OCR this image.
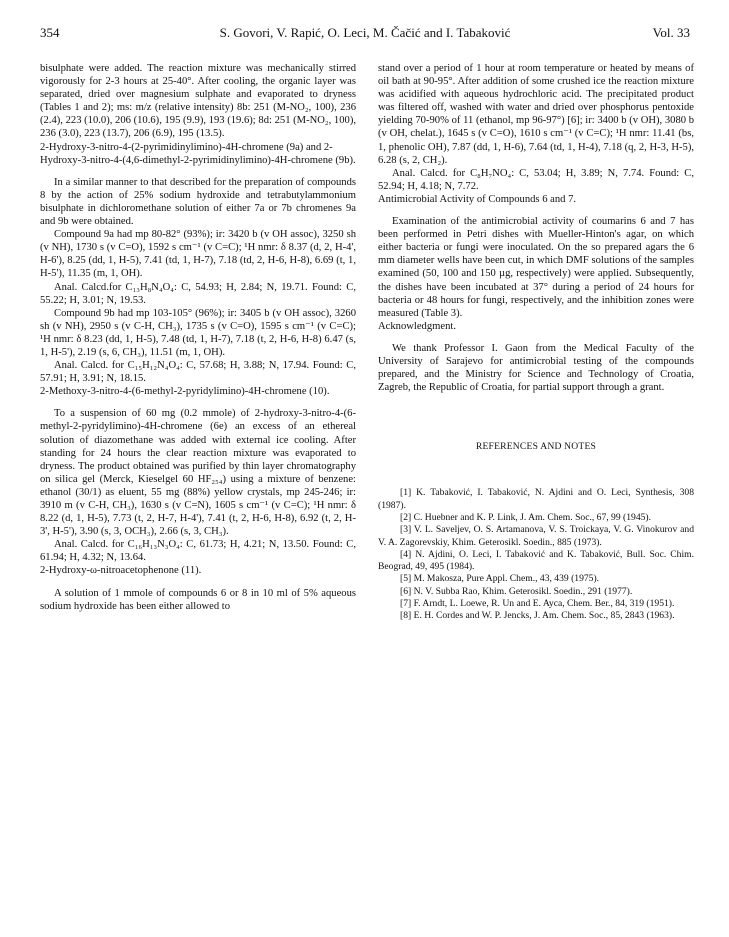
354	S. Govori, V. Rapić, O. Leci, M. Čačić and I. Tabaković	Vol. 33

bisulphate were added. The reaction mixture was mechanically stirred vigorously for 2-3 hours at 25-40°. After cooling, the organic layer was separated, dried over magnesium sulphate and evaporated to dryness (Tables 1 and 2); ms: m/z (relative intensity) 8b: 251 (M-NO₂, 100), 236 (2.4), 223 (10.0), 206 (10.6), 195 (9.9), 193 (19.6); 8d: 251 (M-NO₂, 100), 236 (3.0), 223 (13.7), 206 (6.9), 195 (13.5).

2-Hydroxy-3-nitro-4-(2-pyrimidinylimino)-4H-chromene (9a) and 2-Hydroxy-3-nitro-4-(4,6-dimethyl-2-pyrimidinylimino)-4H-chromene (9b).

In a similar manner to that described for the preparation of compounds 8 by the action of 25% sodium hydroxide and tetrabutylammonium bisulphate in dichloromethane solution of either 7a or 7b chromenes 9a and 9b were obtained.

Compound 9a had mp 80-82° (93%); ir: 3420 b (v OH assoc), 3250 sh (v NH), 1730 s (v C=O), 1592 s cm⁻¹ (v C=C); ¹H nmr: δ 8.37 (d, 2, H-4', H-6'), 8.25 (dd, 1, H-5), 7.41 (td, 1, H-7), 7.18 (td, 2, H-6, H-8), 6.69 (t, 1, H-5'), 11.35 (m, 1, OH).

Anal. Calcd.for C₁₃H₈N₄O₄: C, 54.93; H, 2.84; N, 19.71. Found: C, 55.22; H, 3.01; N, 19.53.

Compound 9b had mp 103-105° (96%); ir: 3405 b (v OH assoc), 3260 sh (v NH), 2950 s (v C-H, CH₃), 1735 s (v C=O), 1595 s cm⁻¹ (v C=C); ¹H nmr: δ 8.23 (dd, 1, H-5), 7.48 (td, 1, H-7), 7.18 (t, 2, H-6, H-8) 6.47 (s, 1, H-5'), 2.19 (s, 6, CH₃), 11.51 (m, 1, OH).

Anal. Calcd. for C₁₅H₁₂N₄O₄: C, 57.68; H, 3.88; N, 17.94. Found: C, 57.91; H, 3.91; N, 18.15.

2-Methoxy-3-nitro-4-(6-methyl-2-pyridylimino)-4H-chromene (10).

To a suspension of 60 mg (0.2 mmole) of 2-hydroxy-3-nitro-4-(6-methyl-2-pyridylimino)-4H-chromene (6e) an excess of an ethereal solution of diazomethane was added with external ice cooling. After standing for 24 hours the clear reaction mixture was evaporated to dryness. The product obtained was purified by thin layer chromatography on silica gel (Merck, Kieselgel 60 HF₂₅₄) using a mixture of benzene: ethanol (30/1) as eluent, 55 mg (88%) yellow crystals, mp 245-246; ir: 3910 m (v C-H, CH₃), 1630 s (v C=N), 1605 s cm⁻¹ (v C=C); ¹H nmr: δ 8.22 (d, 1, H-5), 7.73 (t, 2, H-7, H-4'), 7.41 (t, 2, H-6, H-8), 6.92 (t, 2, H-3', H-5'), 3.90 (s, 3, OCH₃), 2.66 (s, 3, CH₃).

Anal. Calcd. for C₁₆H₁₃N₃O₄: C, 61.73; H, 4.21; N, 13.50. Found: C, 61.94; H, 4.32; N, 13.64.

2-Hydroxy-ω-nitroacetophenone (11).

A solution of 1 mmole of compounds 6 or 8 in 10 ml of 5% aqueous sodium hydroxide has been either allowed to

stand over a period of 1 hour at room temperature or heated by means of oil bath at 90-95°. After addition of some crushed ice the reaction mixture was acidified with aqueous hydrochloric acid. The precipitated product was filtered off, washed with water and dried over phosphorus pentoxide yielding 70-90% of 11 (ethanol, mp 96-97°) [6]; ir: 3400 b (v OH), 3080 b (v OH, chelat.), 1645 s (v C=O), 1610 s cm⁻¹ (v C=C); ¹H nmr: 11.41 (bs, 1, phenolic OH), 7.87 (dd, 1, H-6), 7.64 (td, 1, H-4), 7.18 (q, 2, H-3, H-5), 6.28 (s, 2, CH₂).

Anal. Calcd. for C₈H₇NO₄: C, 53.04; H, 3.89; N, 7.74. Found: C, 52.94; H, 4.18; N, 7.72.

Antimicrobial Activity of Compounds 6 and 7.

Examination of the antimicrobial activity of coumarins 6 and 7 has been performed in Petri dishes with Mueller-Hinton's agar, on which either bacteria or fungi were inoculated. On the so prepared agars the 6 mm diameter wells have been cut, in which DMF solutions of the samples examined (50, 100 and 150 µg, respectively) were applied. Subsequently, the dishes have been incubated at 37° during a period of 24 hours for bacteria or 48 hours for fungi, respectively, and the inhibition zones were measured (Table 3).

Acknowledgment.

We thank Professor I. Gaon from the Medical Faculty of the University of Sarajevo for antimicrobial testing of the compounds prepared, and the Ministry for Science and Technology of Croatia, Zagreb, the Republic of Croatia, for partial support through a grant.

REFERENCES AND NOTES

[1] K. Tabaković, I. Tabaković, N. Ajdini and O. Leci, Synthesis, 308 (1987).

[2] C. Huebner and K. P. Link, J. Am. Chem. Soc., 67, 99 (1945).

[3] V. L. Saveljev, O. S. Artamanova, V. S. Troickaya, V. G. Vinokurov and V. A. Zagorevskiy, Khim. Geterosikl. Soedin., 885 (1973).

[4] N. Ajdini, O. Leci, I. Tabaković and K. Tabaković, Bull. Soc. Chim. Beograd, 49, 495 (1984).

[5] M. Makosza, Pure Appl. Chem., 43, 439 (1975).

[6] N. V. Subba Rao, Khim. Geterosikl. Soedin., 291 (1977).

[7] F. Arndt, L. Loewe, R. Un and E. Ayca, Chem. Ber., 84, 319 (1951).

[8] E. H. Cordes and W. P. Jencks, J. Am. Chem. Soc., 85, 2843 (1963).
